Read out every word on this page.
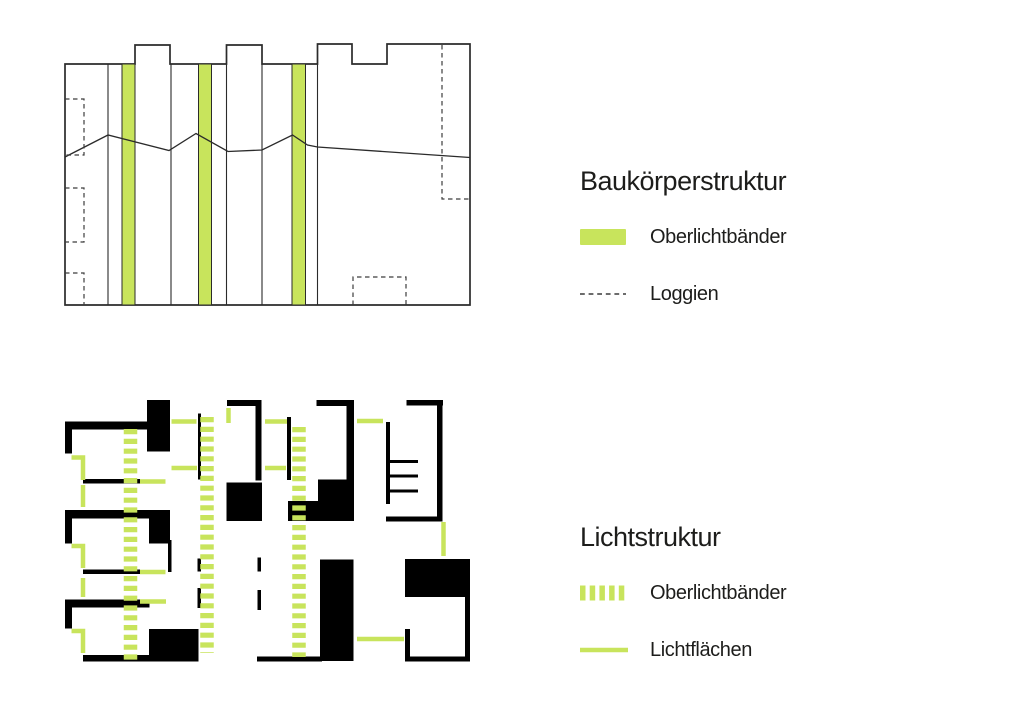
Baukörperstruktur
Oberlichtbänder
Loggien
Lichtstruktur
Oberlichtbänder
Lichtflächen
